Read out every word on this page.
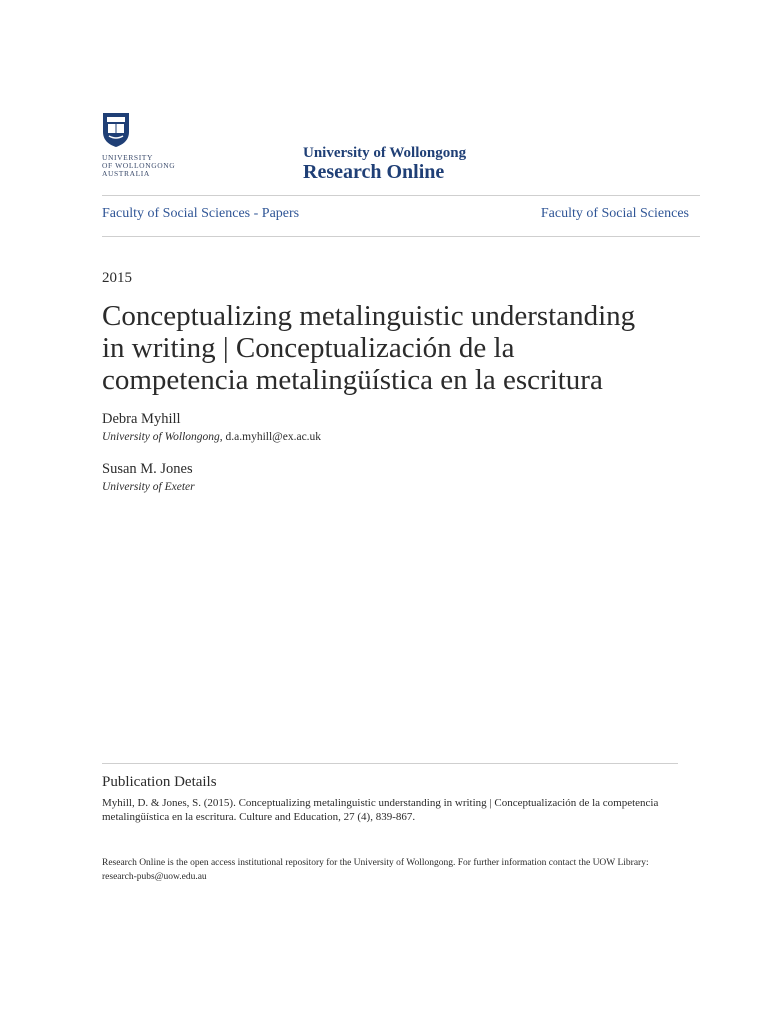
UNIVERSITY
OF WOLLONGONG
AUSTRALIA
University of Wollongong
Research Online
Faculty of Social Sciences - Papers	Faculty of Social Sciences
2015
Conceptualizing metalinguistic understanding in writing | Conceptualización de la competencia metalingüística en la escritura
Debra Myhill
University of Wollongong, d.a.myhill@ex.ac.uk
Susan M. Jones
University of Exeter
Publication Details
Myhill, D. & Jones, S. (2015). Conceptualizing metalinguistic understanding in writing | Conceptualización de la competencia metalingüística en la escritura. Culture and Education, 27 (4), 839-867.
Research Online is the open access institutional repository for the University of Wollongong. For further information contact the UOW Library: research-pubs@uow.edu.au
